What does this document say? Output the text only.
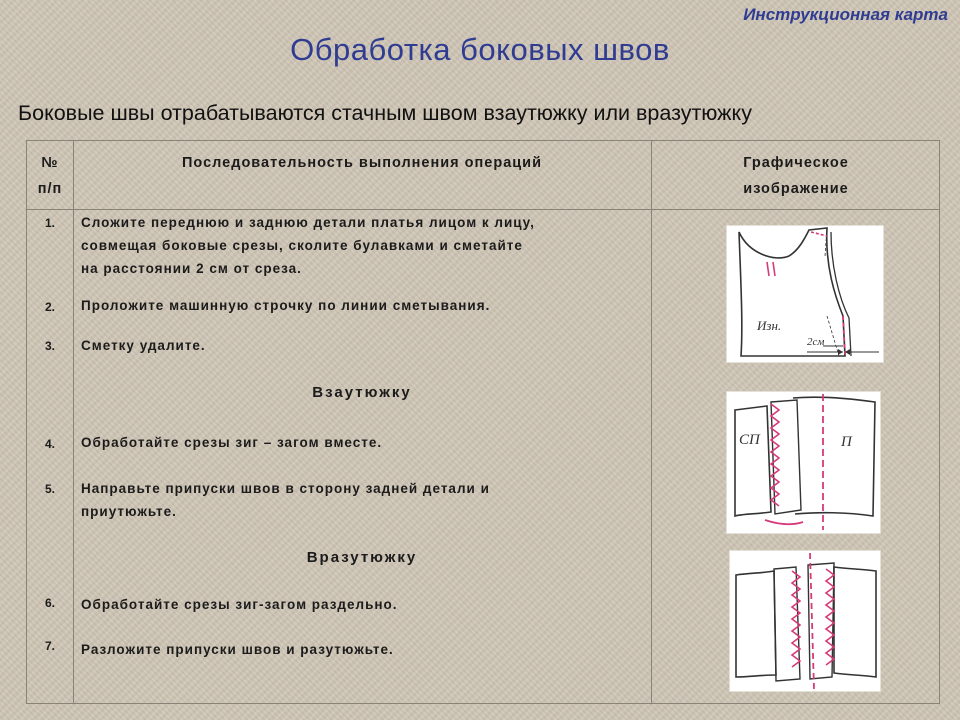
Инструкционная карта
Обработка боковых швов
Боковые швы отрабатываются стачным швом взаутюжку или вразутюжку
№
п/п
Последовательность выполнения операций	Графическое
изображение
1.	Сложите переднюю и заднюю детали платья лицом к лицу,
совмещая боковые срезы, сколите булавками и сметайте
на расстоянии 2 см от среза.
2.	Проложите машинную строчку по линии сметывания.
3.	Сметку удалите.
Взаутюжку
4.	Обработайте срезы зиг – загом вместе.
5.	Направьте припуски швов в сторону задней детали и
приутюжьте.
Вразутюжку
6.	Обработайте срезы зиг-загом раздельно.
7.	Разложите припуски швов и разутюжьте.
Изн.
2см
СП	П
